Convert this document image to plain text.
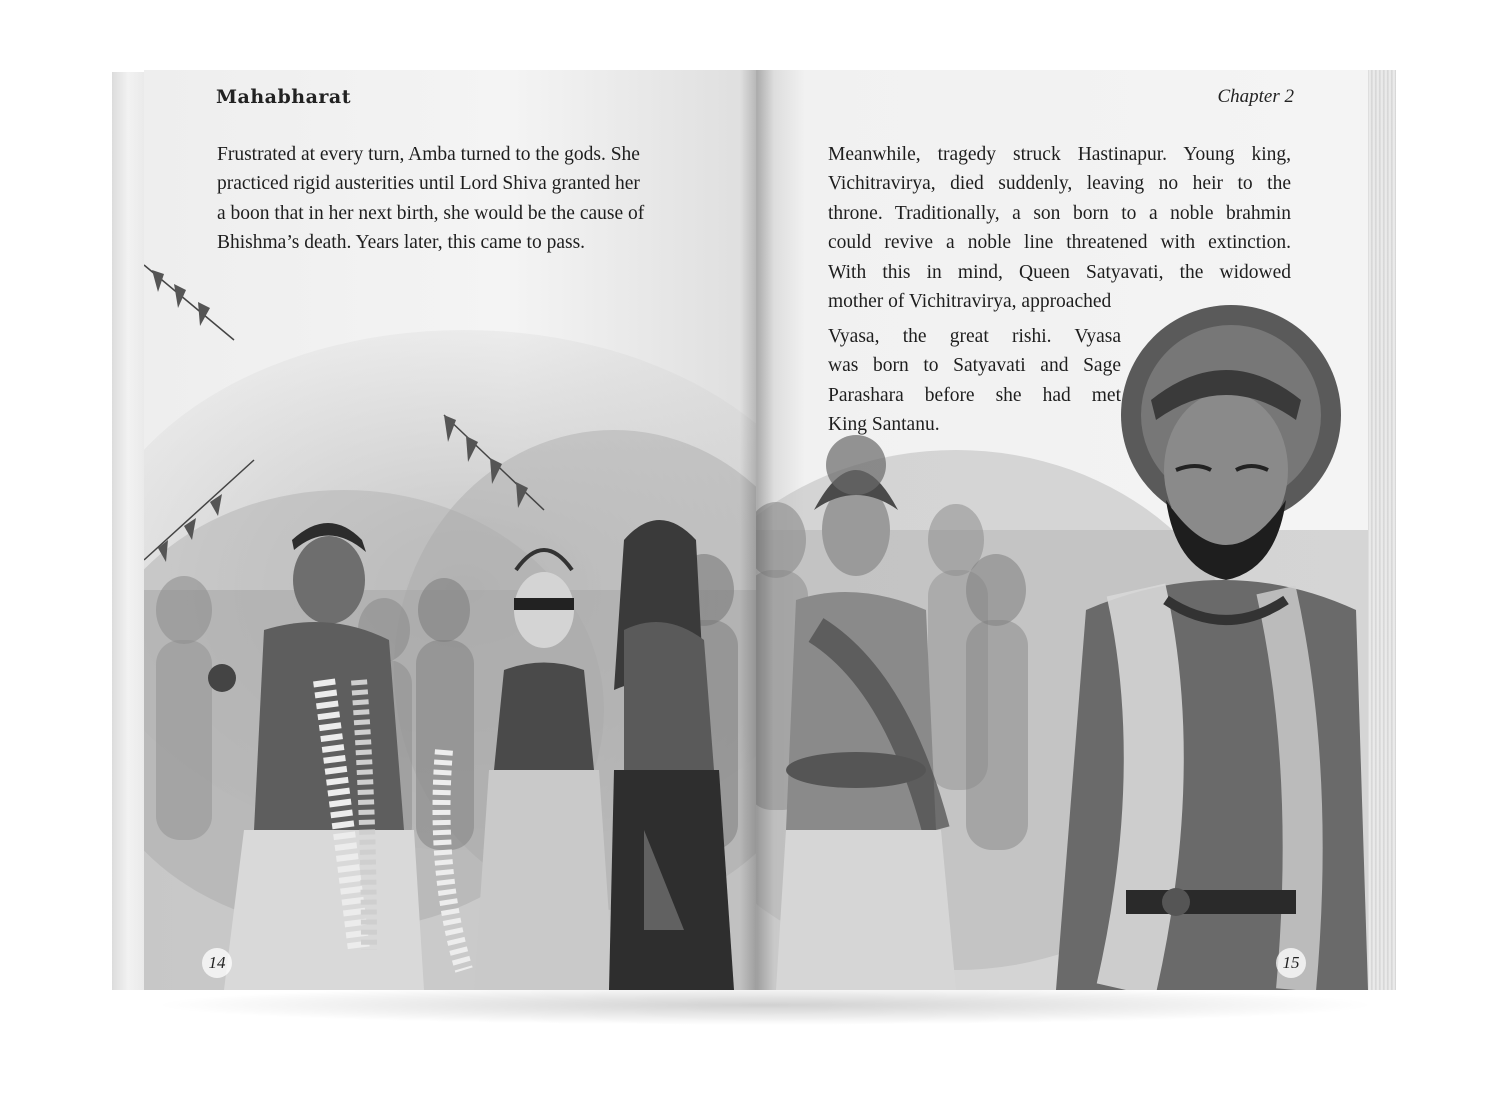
Mahabharat
Frustrated at every turn, Amba turned to the gods. She
practiced rigid austerities until Lord Shiva granted her
a boon that in her next birth, she would be the cause of
Bhishma’s death. Years later, this came to pass.
14
Chapter 2
Meanwhile, tragedy struck Hastinapur. Young king,
Vichitravirya, died suddenly, leaving no heir to the
throne. Traditionally, a son born to a noble brahmin
could revive a noble line threatened with extinction.
With this in mind, Queen Satyavati, the widowed
mother of Vichitravirya, approached
Vyasa, the great rishi. Vyasa
was born to Satyavati and Sage
Parashara before she had met
King Santanu.
15
